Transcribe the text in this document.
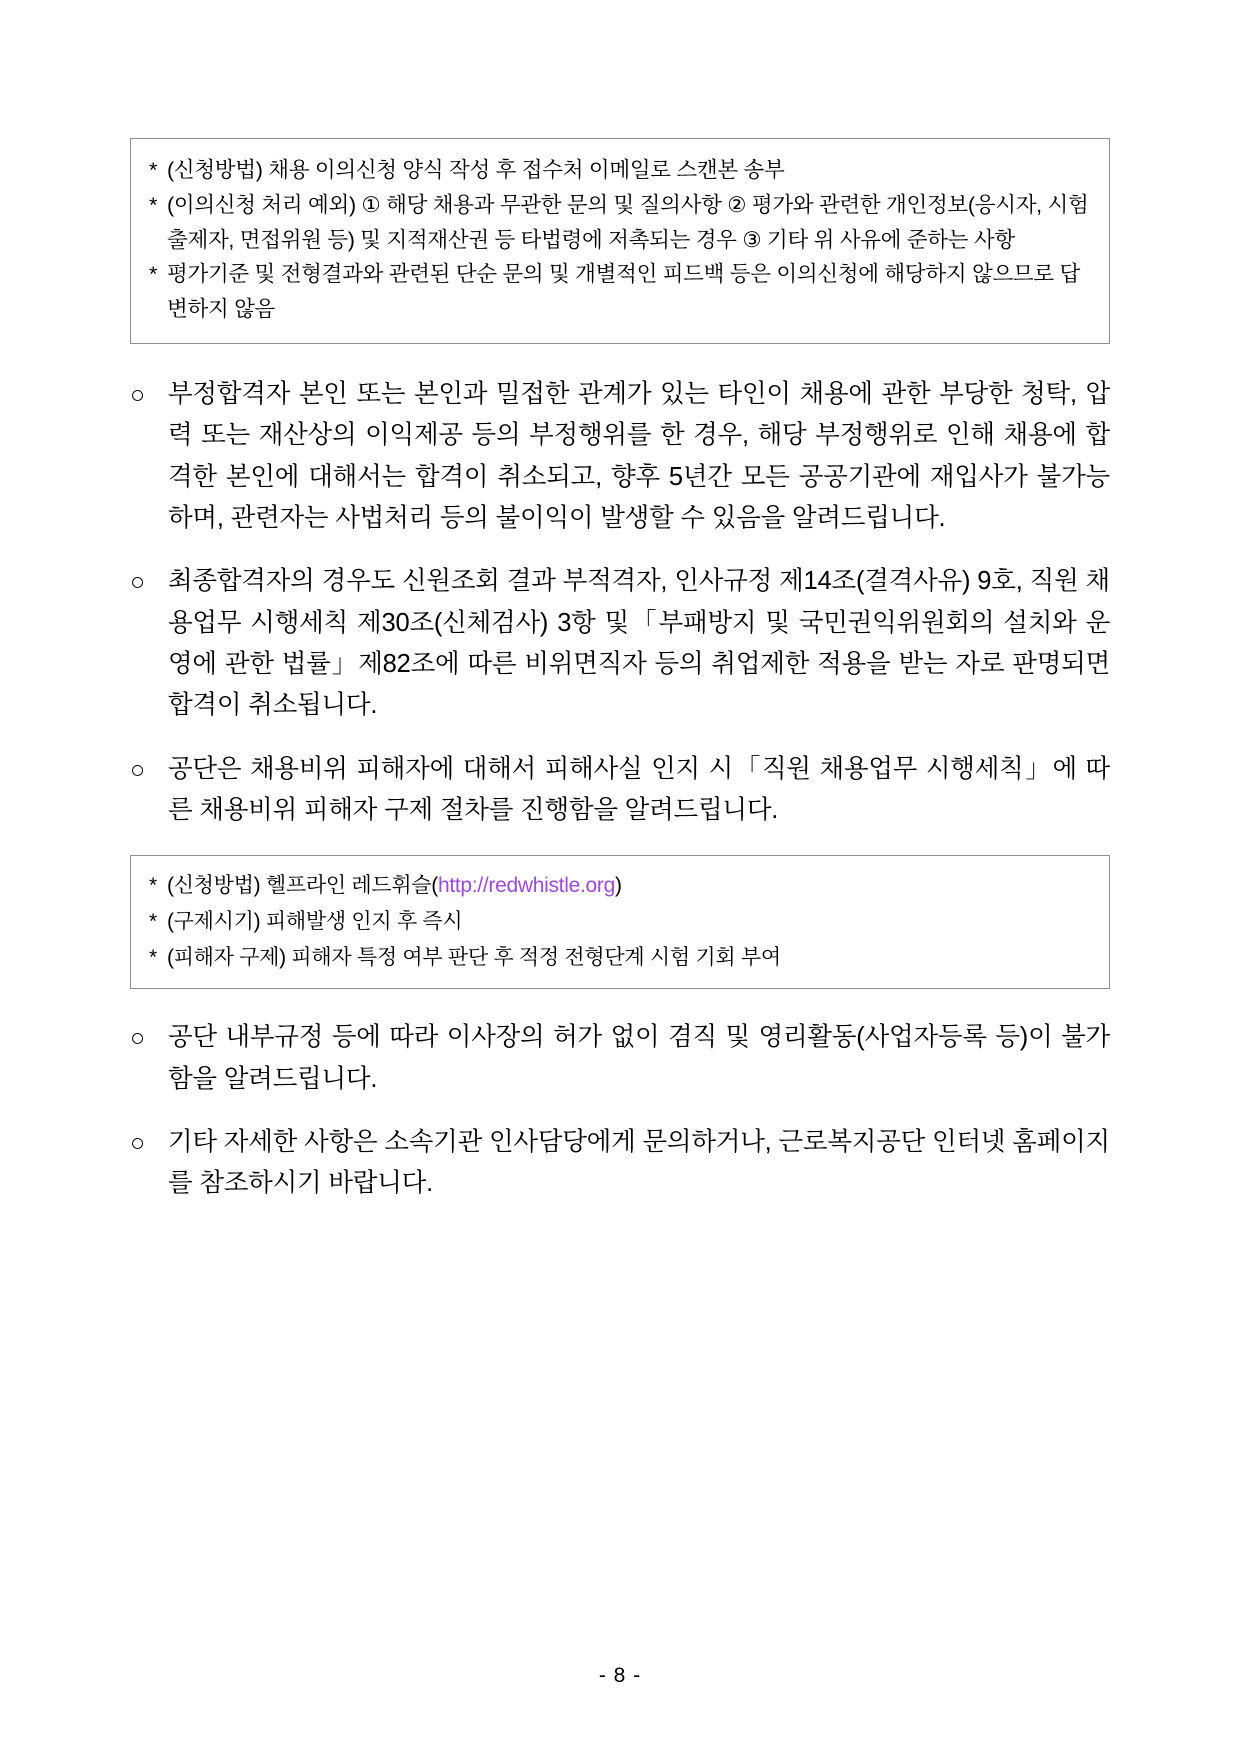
* (신청방법) 채용 이의신청 양식 작성 후 접수처 이메일로 스캔본 송부
* (이의신청 처리 예외) ① 해당 채용과 무관한 문의 및 질의사항 ② 평가와 관련한 개인정보(응시자, 시험출제자, 면접위원 등) 및 지적재산권 등 타법령에 저촉되는 경우 ③ 기타 위 사유에 준하는 사항
* 평가기준 및 전형결과와 관련된 단순 문의 및 개별적인 피드백 등은 이의신청에 해당하지 않으므로 답변하지 않음
○ 부정합격자 본인 또는 본인과 밀접한 관계가 있는 타인이 채용에 관한 부당한 청탁, 압력 또는 재산상의 이익제공 등의 부정행위를 한 경우, 해당 부정행위로 인해 채용에 합격한 본인에 대해서는 합격이 취소되고, 향후 5년간 모든 공공기관에 재입사가 불가능하며, 관련자는 사법처리 등의 불이익이 발생할 수 있음을 알려드립니다.
○ 최종합격자의 경우도 신원조회 결과 부적격자, 인사규정 제14조(결격사유) 9호, 직원 채용업무 시행세칙 제30조(신체검사) 3항 및「부패방지 및 국민권익위원회의 설치와 운영에 관한 법률」제82조에 따른 비위면직자 등의 취업제한 적용을 받는 자로 판명되면 합격이 취소됩니다.
○ 공단은 채용비위 피해자에 대해서 피해사실 인지 시「직원 채용업무 시행세칙」에 따른 채용비위 피해자 구제 절차를 진행함을 알려드립니다.
* (신청방법) 헬프라인 레드휘슬(http://redwhistle.org)
* (구제시기) 피해발생 인지 후 즉시
* (피해자 구제) 피해자 특정 여부 판단 후 적정 전형단계 시험 기회 부여
○ 공단 내부규정 등에 따라 이사장의 허가 없이 겸직 및 영리활동(사업자등록 등)이 불가함을 알려드립니다.
○ 기타 자세한 사항은 소속기관 인사담당에게 문의하거나, 근로복지공단 인터넷 홈페이지를 참조하시기 바랍니다.
- 8 -
